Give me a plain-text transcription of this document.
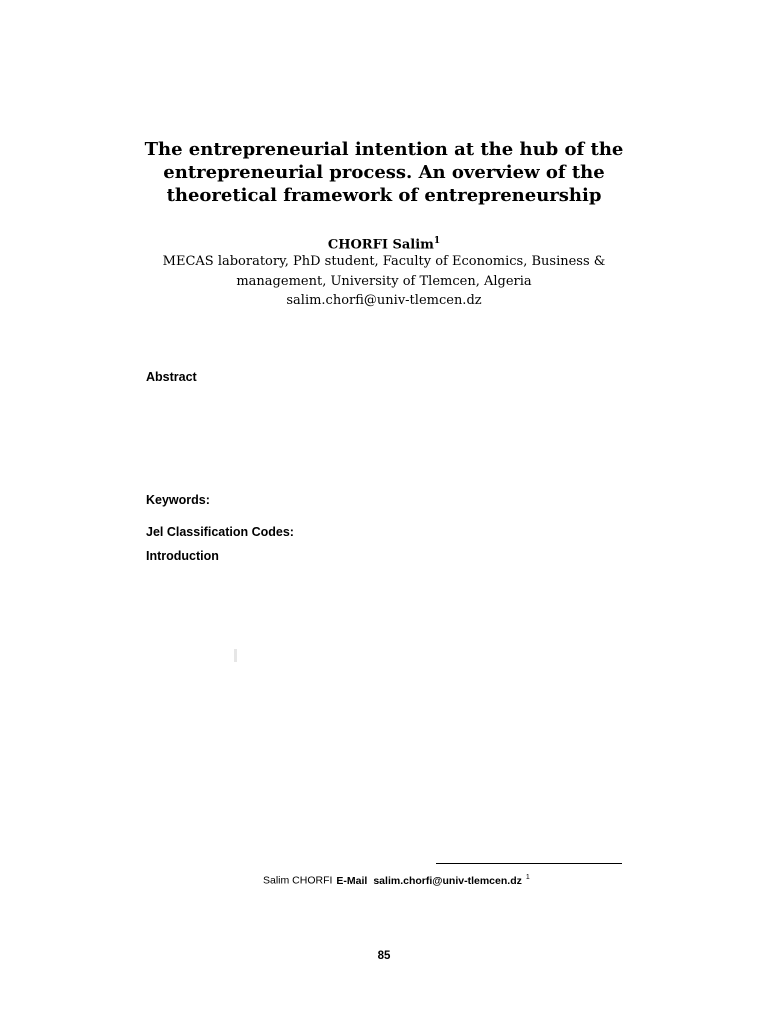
The entrepreneurial intention at the hub of the
entrepreneurial process. An overview of the
theoretical framework of entrepreneurship
CHORFI Salim$^1$
MECAS laboratory, PhD student, Faculty of Economics, Business &
management, University of Tlemcen, Algeria
salim.chorfi@univ-tlemcen.dz
Abstract
Keywords:
Jel Classification Codes:
Introduction
Salim CHORFI E-Mail salim.chorfi@univ-tlemcen.dz $^1$
85
